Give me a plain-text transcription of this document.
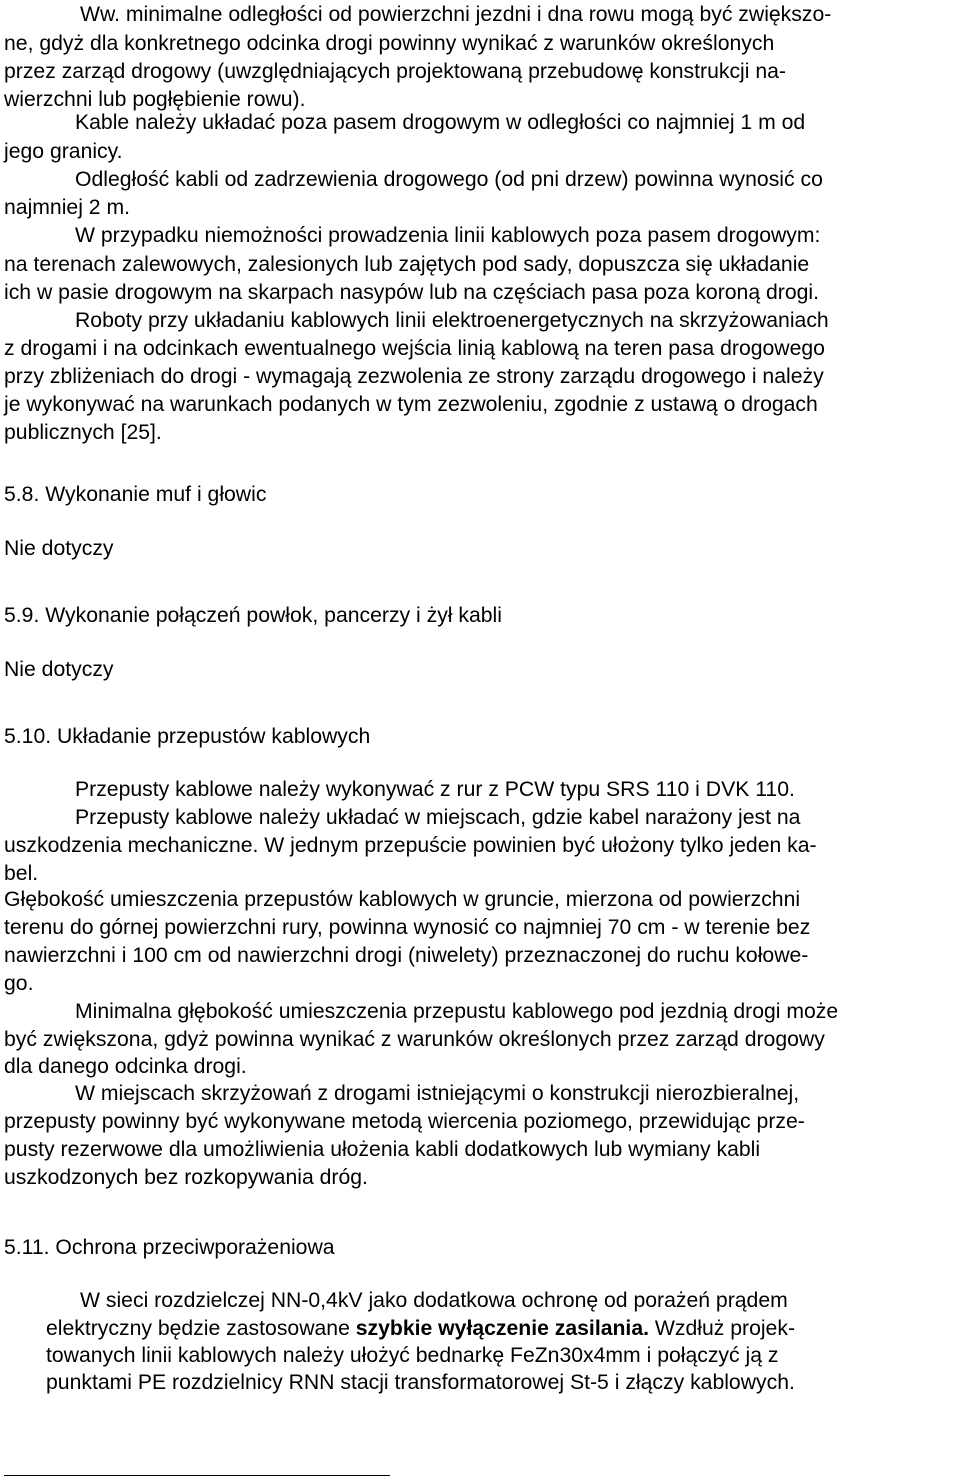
Ww. minimalne odległości od powierzchni jezdni i dna rowu mogą być zwiększo-
ne, gdyż dla konkretnego odcinka drogi powinny wynikać z warunków określonych
przez zarząd drogowy (uwzględniających projektowaną przebudowę konstrukcji na-
wierzchni lub pogłębienie rowu).
Kable należy układać poza pasem drogowym w odległości co najmniej 1 m od
jego granicy.
Odległość kabli od zadrzewienia drogowego (od pni drzew) powinna wynosić co
najmniej 2 m.
W przypadku niemożności prowadzenia linii kablowych poza pasem drogowym:
na terenach zalewowych, zalesionych lub zajętych pod sady, dopuszcza się układanie
ich w pasie drogowym na skarpach nasypów lub na częściach pasa poza koroną drogi.
Roboty przy układaniu kablowych linii elektroenergetycznych na skrzyżowaniach
z drogami i na odcinkach ewentualnego wejścia linią kablową na teren pasa drogowego
przy zbliżeniach do drogi - wymagają zezwolenia ze strony zarządu drogowego i należy
je wykonywać na warunkach podanych w tym zezwoleniu, zgodnie z ustawą o drogach
publicznych [25].
5.8. Wykonanie muf i głowic
Nie dotyczy
5.9. Wykonanie połączeń powłok, pancerzy i żył kabli
Nie dotyczy
5.10. Układanie przepustów kablowych
Przepusty kablowe należy wykonywać z rur z PCW typu SRS 110 i DVK 110.
Przepusty kablowe należy układać w miejscach, gdzie kabel narażony jest na
uszkodzenia mechaniczne. W jednym przepuście powinien być ułożony tylko jeden ka-
bel.
Głębokość umieszczenia przepustów kablowych w gruncie, mierzona od powierzchni
terenu do górnej powierzchni rury, powinna wynosić co najmniej 70 cm - w terenie bez
nawierzchni i 100 cm od nawierzchni drogi (niwelety) przeznaczonej do ruchu kołowe-
go.
Minimalna głębokość umieszczenia przepustu kablowego pod jezdnią drogi może
być zwiększona, gdyż powinna wynikać z warunków określonych przez zarząd drogowy
dla danego odcinka drogi.
W miejscach skrzyżowań z drogami istniejącymi o konstrukcji nierozbieralnej,
przepusty powinny być wykonywane metodą wiercenia poziomego, przewidując prze-
pusty rezerwowe dla umożliwienia ułożenia kabli dodatkowych lub wymiany kabli
uszkodzonych bez rozkopywania dróg.
5.11. Ochrona przeciwporażeniowa
W sieci rozdzielczej NN-0,4kV jako dodatkowa ochronę od porażeń prądem
elektryczny będzie zastosowane szybkie wyłączenie zasilania. Wzdłuż projek-
towanych linii kablowych należy ułożyć bednarkę FeZn30x4mm i połączyć ją z
punktami PE rozdzielnicy RNN stacji transformatorowej St-5 i złączy kablowych.
